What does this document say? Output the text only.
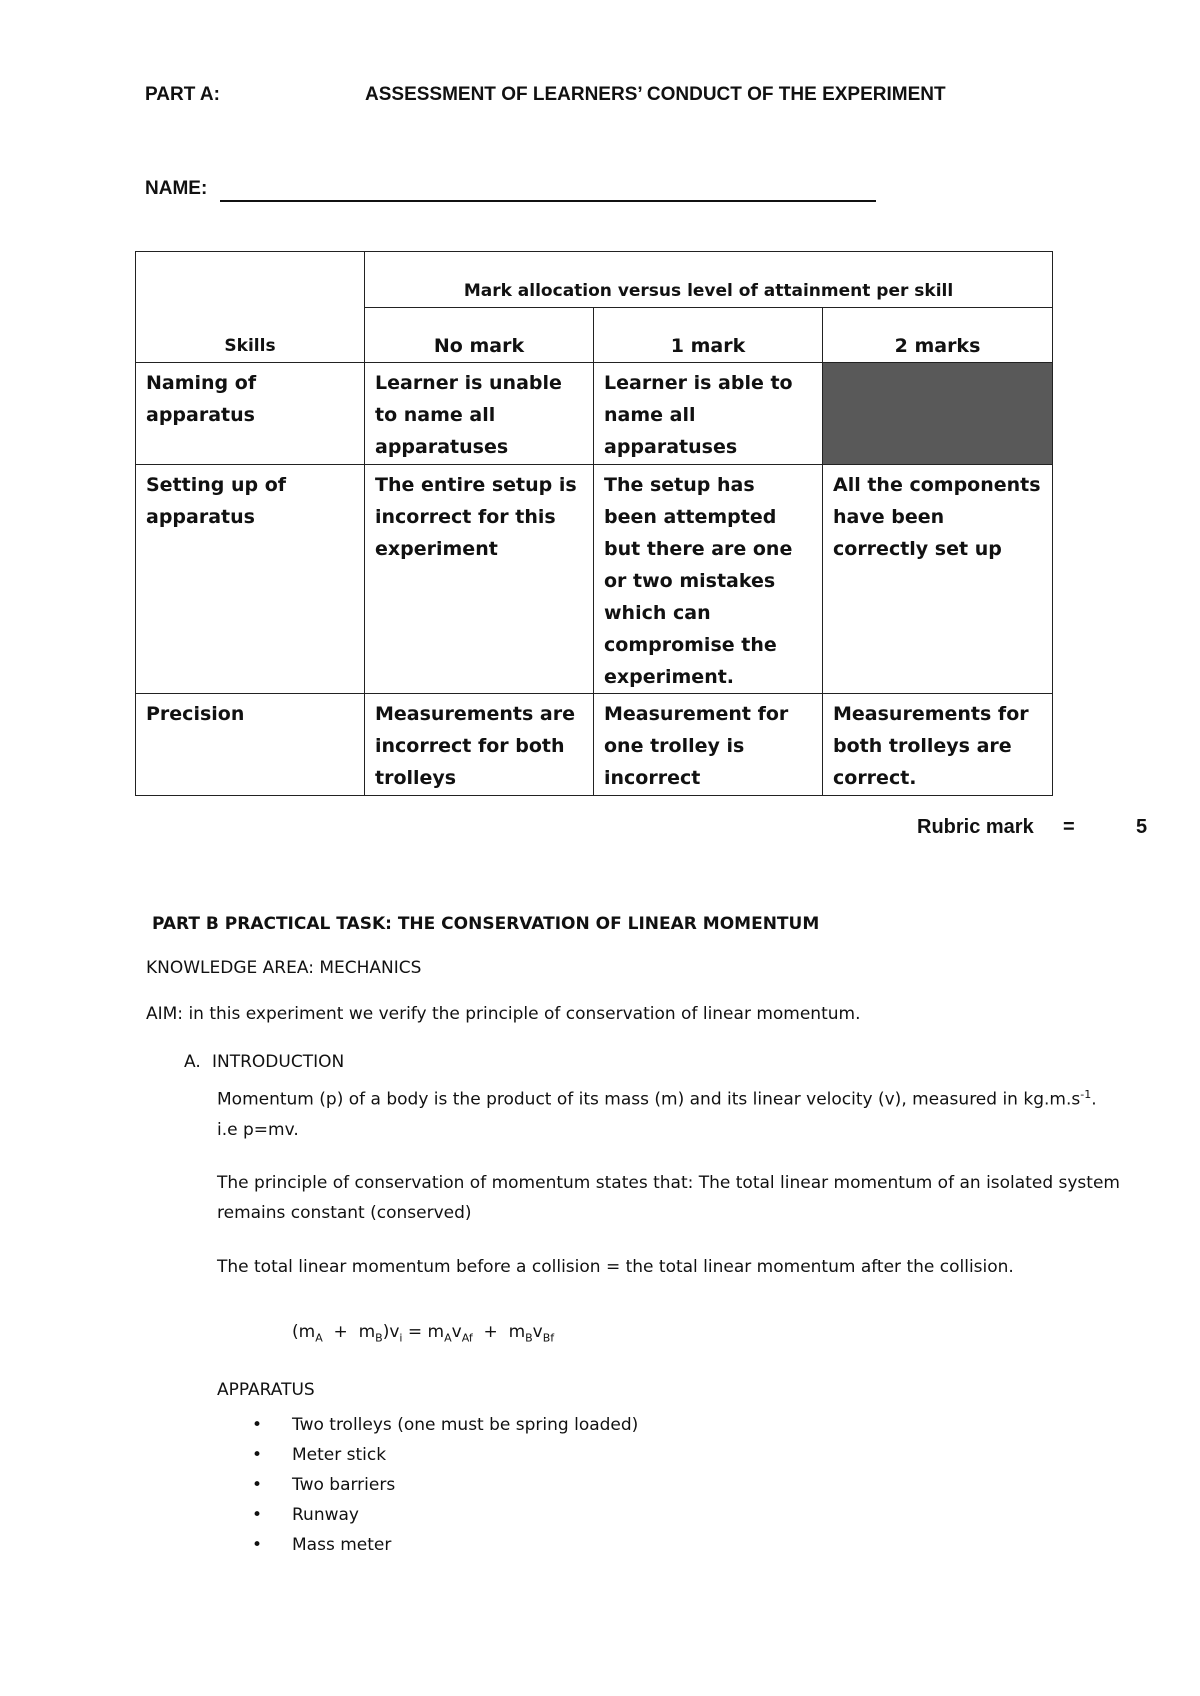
PART A:	ASSESSMENT OF LEARNERS’ CONDUCT OF THE EXPERIMENT
NAME:
Skills	Mark allocation versus level of attainment per skill		
	No mark	1 mark	2 marks
Naming of apparatus	Learner is unable to name all apparatuses	Learner is able to name all apparatuses	
Setting up of apparatus	The entire setup is incorrect for this experiment	The setup has been attempted but there are one or two mistakes which can compromise the experiment.	All the components have been correctly set up
Precision	Measurements are incorrect for both trolleys	Measurement for one trolley is incorrect	Measurements for both trolleys are correct.
Rubric mark =	5
PART B PRACTICAL TASK: THE CONSERVATION OF LINEAR MOMENTUM
KNOWLEDGE AREA: MECHANICS
AIM: in this experiment we verify the principle of conservation of linear momentum.
A. INTRODUCTION
Momentum (p) of a body is the product of its mass (m) and its linear velocity (v), measured in $kg.m.s^{-1}$.
i.e p=mv.
The principle of conservation of momentum states that: The total linear momentum of an isolated system remains constant (conserved)
The total linear momentum before a collision = the total linear momentum after the collision.
$(m_A + m_B)v_i = m_Av_{Af} + m_Bv_{Bf}$
APPARATUS
• Two trolleys (one must be spring loaded)
• Meter stick
• Two barriers
• Runway
• Mass meter
